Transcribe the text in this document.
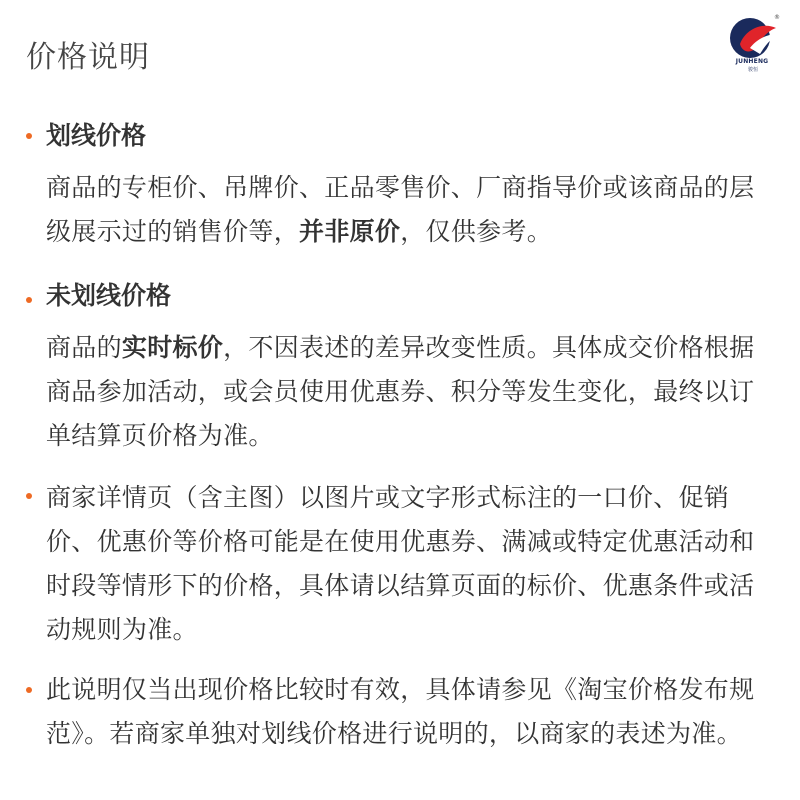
价格说明	JUNHENG
骏恒
®
划线价格
商品的专柜价、吊牌价、正品零售价、厂商指导价或该商品的层
级展示过的销售价等，并非原价，仅供参考。
未划线价格
商品的实时标价，不因表述的差异改变性质。具体成交价格根据
商品参加活动，或会员使用优惠券、积分等发生变化，最终以订
单结算页价格为准。
商家详情页（含主图）以图片或文字形式标注的一口价、促销
价、优惠价等价格可能是在使用优惠券、满减或特定优惠活动和
时段等情形下的价格，具体请以结算页面的标价、优惠条件或活
动规则为准。
此说明仅当出现价格比较时有效，具体请参见《淘宝价格发布规
范》。若商家单独对划线价格进行说明的，以商家的表述为准。
